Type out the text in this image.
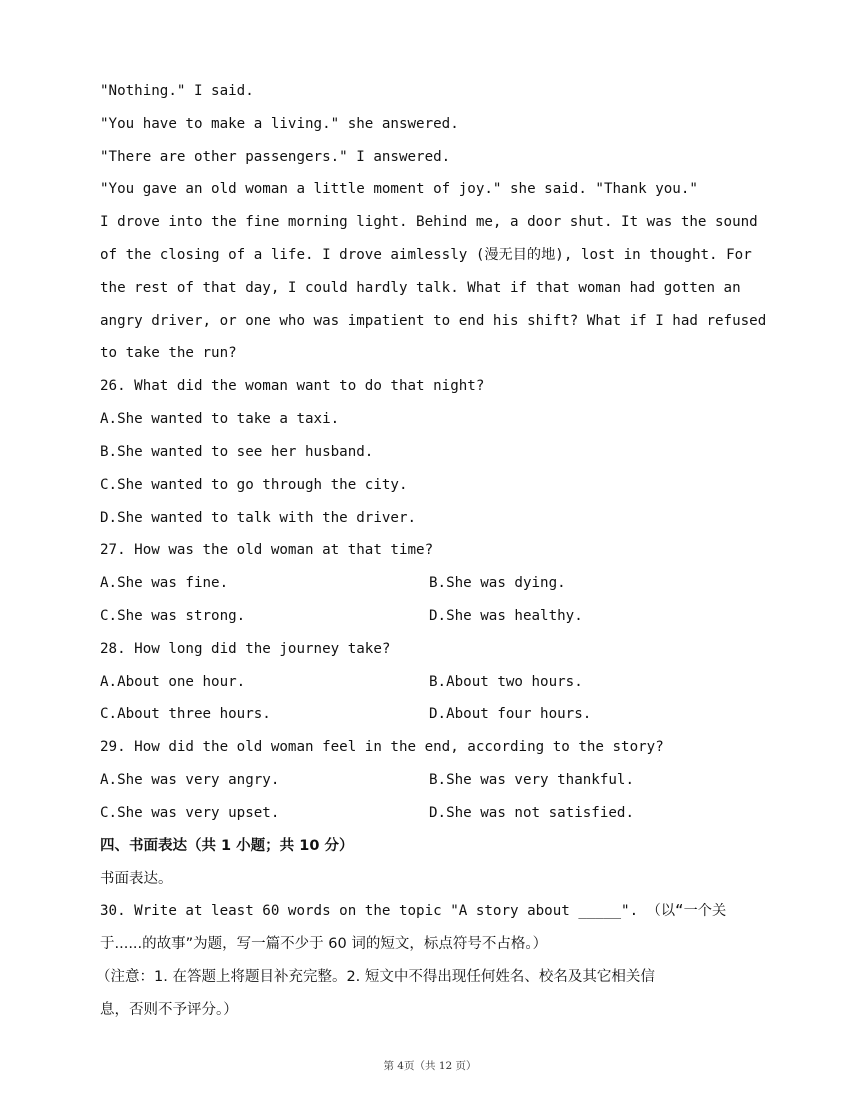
"Nothing." I said.
"You have to make a living." she answered.
"There are other passengers." I answered.
"You gave an old woman a little moment of joy." she said. "Thank you."
I drove into the fine morning light. Behind me, a door shut. It was the sound
of the closing of a life. I drove aimlessly (漫无目的地), lost in thought. For
the rest of that day, I could hardly talk. What if that woman had gotten an
angry driver, or one who was impatient to end his shift? What if I had refused
to take the run?
26. What did the woman want to do that night?
A.She wanted to take a taxi.
B.She wanted to see her husband.
C.She wanted to go through the city.
D.She wanted to talk with the driver.
27. How was the old woman at that time?
A.She was fine.	B.She was dying.
C.She was strong.	D.She was healthy.
28. How long did the journey take?
A.About one hour.	B.About two hours.
C.About three hours.	D.About four hours.
29. How did the old woman feel in the end, according to the story?
A.She was very angry.	B.She was very thankful.
C.She was very upset.	D.She was not satisfied.
四、书面表达（共 1 小题；共 10 分）
书面表达。
30. Write at least 60 words on the topic "A story about _____". （以“一个关
于......的故事”为题，写一篇不少于 60 词的短文，标点符号不占格。）
（注意：1. 在答题上将题目补充完整。2. 短文中不得出现任何姓名、校名及其它相关信
息，否则不予评分。）
第 4页（共 12 页）
